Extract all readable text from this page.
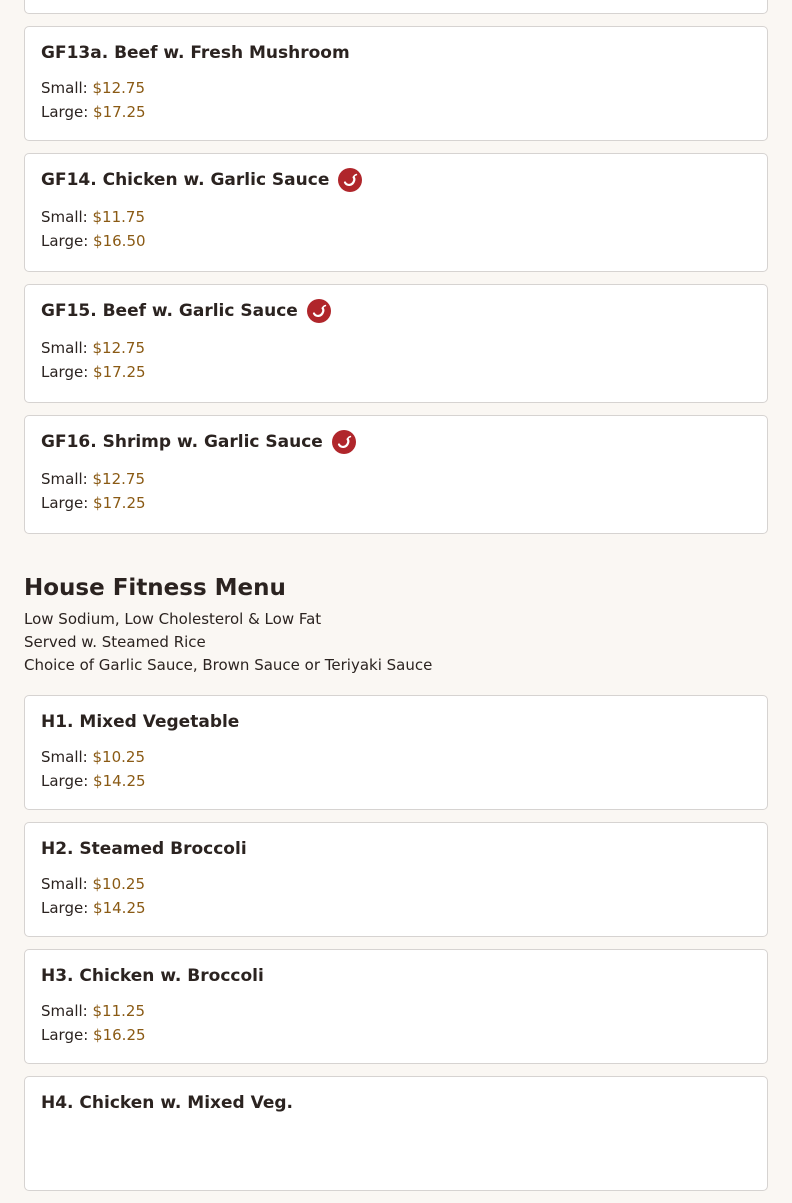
GF13a. Beef w. Fresh Mushroom
Small: $12.75
Large: $17.25
GF14. Chicken w. Garlic Sauce
Small: $11.75
Large: $16.50
GF15. Beef w. Garlic Sauce
Small: $12.75
Large: $17.25
GF16. Shrimp w. Garlic Sauce
Small: $12.75
Large: $17.25
House Fitness Menu
Low Sodium, Low Cholesterol & Low Fat
Served w. Steamed Rice
Choice of Garlic Sauce, Brown Sauce or Teriyaki Sauce
H1. Mixed Vegetable
Small: $10.25
Large: $14.25
H2. Steamed Broccoli
Small: $10.25
Large: $14.25
H3. Chicken w. Broccoli
Small: $11.25
Large: $16.25
H4. Chicken w. Mixed Veg.
